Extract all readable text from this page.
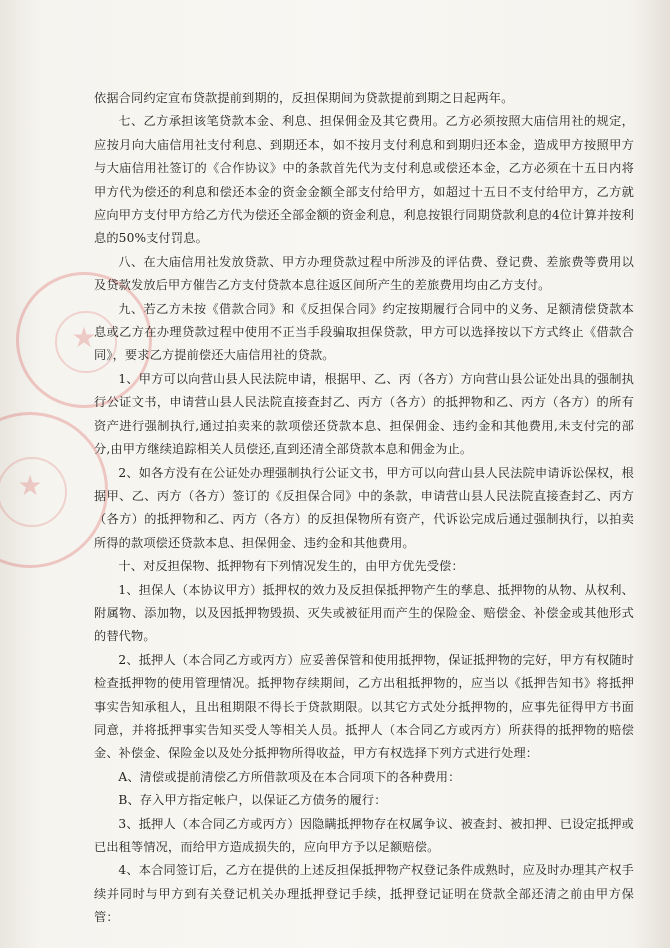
★
★

依据合同约定宣布贷款提前到期的，反担保期间为贷款提前到期之日起两年。

七、乙方承担该笔贷款本金、利息、担保佣金及其它费用。乙方必须按照大庙信用社的规定，应按月向大庙信用社支付利息、到期还本，如不按月支付利息和到期归还本金，造成甲方按照甲方与大庙信用社签订的《合作协议》中的条款首先代为支付利息或偿还本金，乙方必须在十五日内将甲方代为偿还的利息和偿还本金的资金金额全部支付给甲方，如超过十五日不支付给甲方，乙方就应向甲方支付甲方给乙方代为偿还全部金额的资金利息，利息按银行同期贷款利息的4位计算并按利息的50%支付罚息。

八、在大庙信用社发放贷款、甲方办理贷款过程中所涉及的评估费、登记费、差旅费等费用以及贷款发放后甲方催告乙方支付贷款本息往返区间所产生的差旅费用均由乙方支付。

九、若乙方未按《借款合同》和《反担保合同》约定按期履行合同中的义务、足额清偿贷款本息或乙方在办理贷款过程中使用不正当手段骗取担保贷款，甲方可以选择按以下方式终止《借款合同》，要求乙方提前偿还大庙信用社的贷款。

1、甲方可以向营山县人民法院申请，根据甲、乙、丙（各方）方向营山县公证处出具的强制执行公证文书，申请营山县人民法院直接查封乙、丙方（各方）的抵押物和乙、丙方（各方）的所有资产进行强制执行,通过拍卖来的款项偿还贷款本息、担保佣金、违约金和其他费用,未支付完的部分,由甲方继续追踪相关人员偿还,直到还清全部贷款本息和佣金为止。

2、如各方没有在公证处办理强制执行公证文书，甲方可以向营山县人民法院申请诉讼保权，根据甲、乙、丙方（各方）签订的《反担保合同》中的条款，申请营山县人民法院直接查封乙、丙方（各方）的抵押物和乙、丙方（各方）的反担保物所有资产，代诉讼完成后通过强制执行，以拍卖所得的款项偿还贷款本息、担保佣金、违约金和其他费用。

十、对反担保物、抵押物有下列情况发生的，由甲方优先受偿：

1、担保人（本协议甲方）抵押权的效力及反担保抵押物产生的孳息、抵押物的从物、从权利、附属物、添加物，以及因抵押物毁损、灭失或被征用而产生的保险金、赔偿金、补偿金或其他形式的替代物。

2、抵押人（本合同乙方或丙方）应妥善保管和使用抵押物，保证抵押物的完好，甲方有权随时检查抵押物的使用管理情况。抵押物存续期间，乙方出租抵押物的，应当以《抵押告知书》将抵押事实告知承租人，且出租期限不得长于贷款期限。以其它方式处分抵押物的，应事先征得甲方书面同意，并将抵押事实告知买受人等相关人员。抵押人（本合同乙方或丙方）所获得的抵押物的赔偿金、补偿金、保险金以及处分抵押物所得收益，甲方有权选择下列方式进行处理：

A、清偿或提前清偿乙方所借款项及在本合同项下的各种费用：

B、存入甲方指定帐户，以保证乙方债务的履行：

3、抵押人（本合同乙方或丙方）因隐瞒抵押物存在权属争议、被查封、被扣押、已设定抵押或已出租等情况，而给甲方造成损失的，应向甲方予以足额赔偿。

4、本合同签订后，乙方在提供的上述反担保抵押物产权登记条件成熟时，应及时办理其产权手续并同时与甲方到有关登记机关办理抵押登记手续，抵押登记证明在贷款全部还清之前由甲方保管：
